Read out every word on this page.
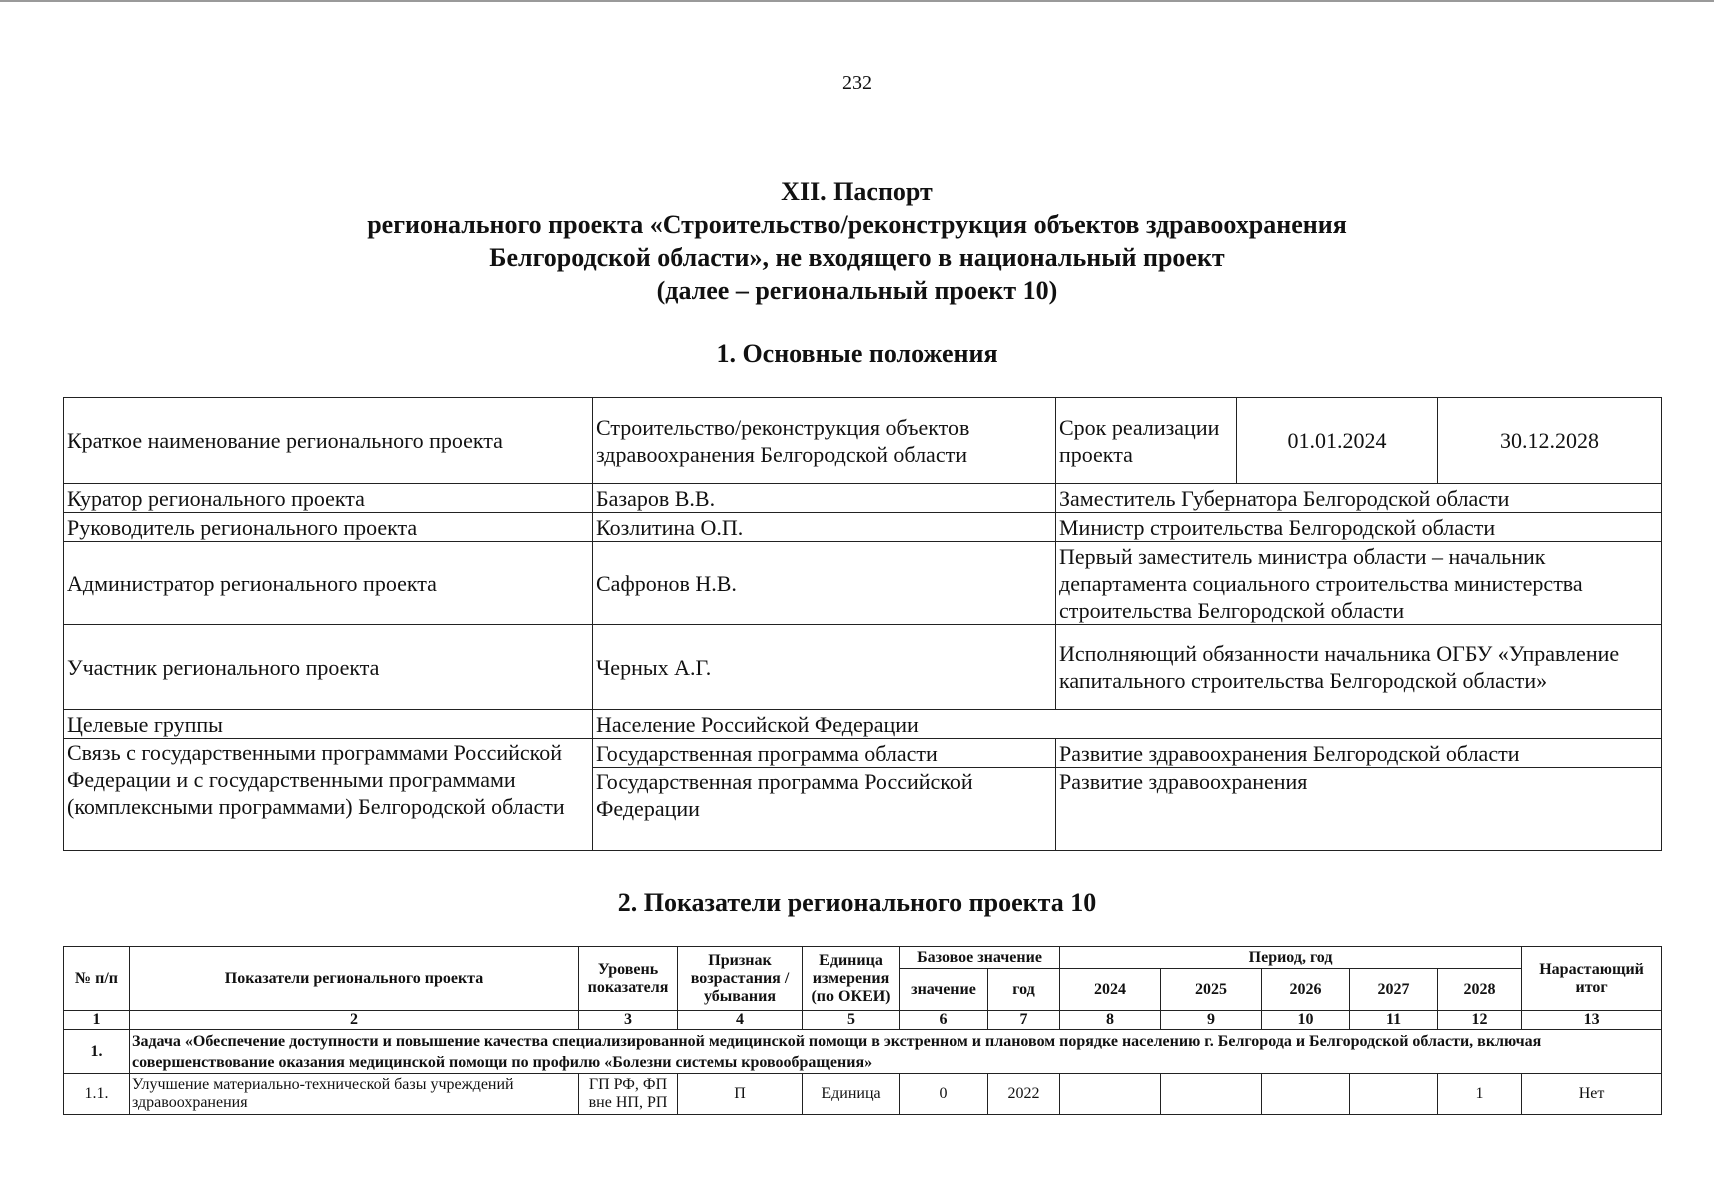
232
XII. Паспорт
регионального проекта «Строительство/реконструкция объектов здравоохранения
Белгородской области», не входящего в национальный проект
(далее – региональный проект 10)
1. Основные положения
Краткое наименование регионального проекта	Строительство/реконструкция объектов здравоохранения Белгородской области	Срок реализации проекта	01.01.2024	30.12.2028
Куратор регионального проекта	Базаров В.В.	Заместитель Губернатора Белгородской области		
Руководитель регионального проекта	Козлитина О.П.	Министр строительства Белгородской области		
Администратор регионального проекта	Сафронов Н.В.	Первый заместитель министра области – начальник департамента социального строительства министерства строительства Белгородской области		
Участник регионального проекта	Черных А.Г.	Исполняющий обязанности начальника ОГБУ «Управление капитального строительства Белгородской области»		
Целевые группы	Население Российской Федерации			
Связь с государственными программами Российской Федерации и с государственными программами (комплексными программами) Белгородской области	Государственная программа области	Развитие здравоохранения Белгородской области		
	Государственная программа Российской Федерации	Развитие здравоохранения		
2. Показатели регионального проекта 10
№ п/п	Показатели регионального проекта	Уровень показателя	Признак возрастания / убывания	Единица измерения (по ОКЕИ)	Базовое значение		Период, год					Нарастающий итог
					значение	год	2024	2025	2026	2027	2028	
1	2	3	4	5	6	7	8	9	10	11	12	13
1.	Задача «Обеспечение доступности и повышение качества специализированной медицинской помощи в экстренном и плановом порядке населению г. Белгорода и Белгородской области, включая совершенствование оказания медицинской помощи по профилю «Болезни системы кровообращения»											
1.1.	Улучшение материально-технической базы учреждений здравоохранения	ГП РФ, ФП вне НП, РП	П	Единица	0	2022					1	Нет
